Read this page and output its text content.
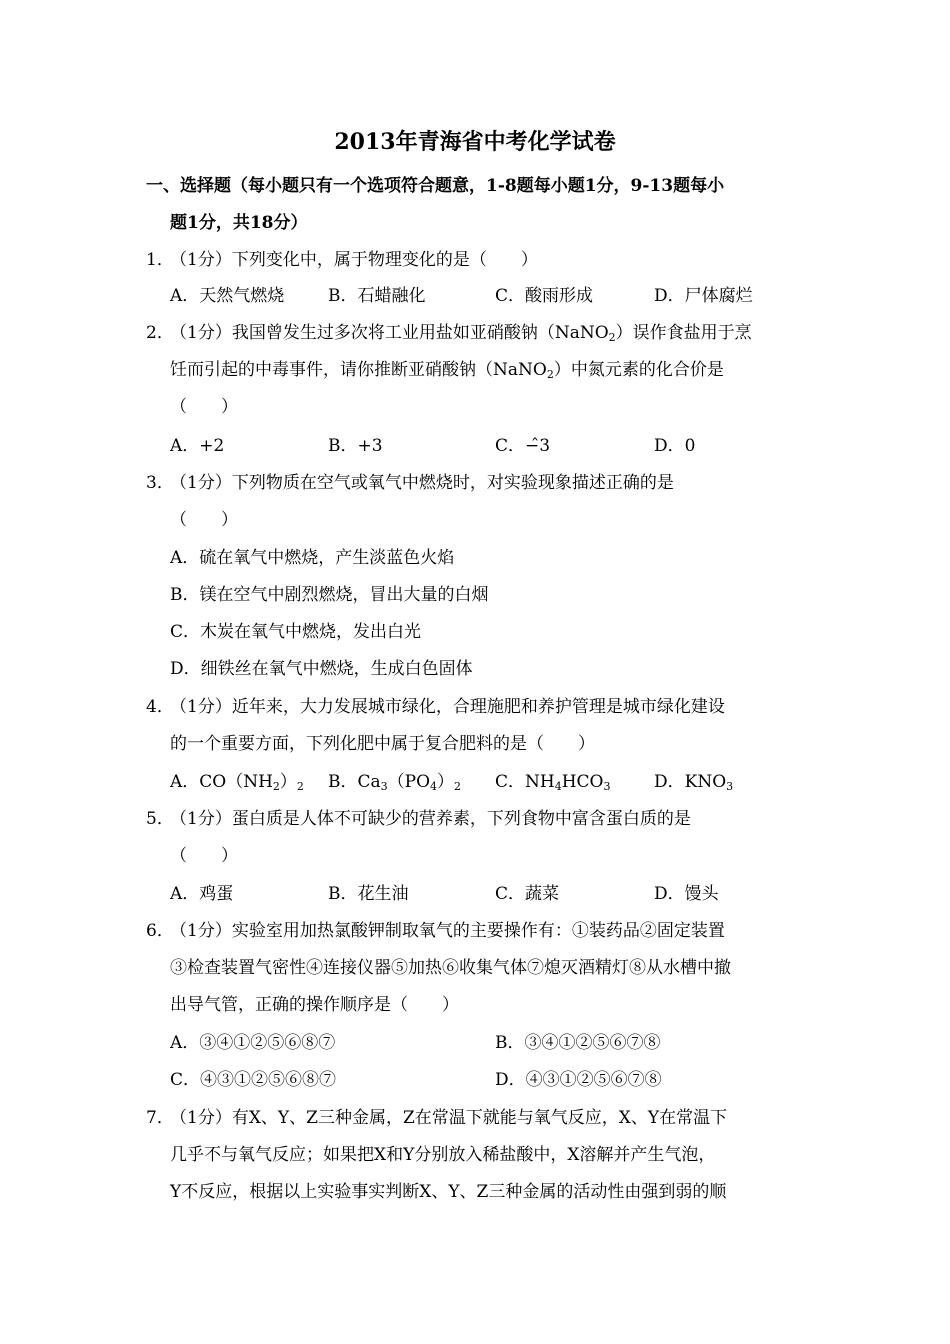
2013年青海省中考化学试卷
一、选择题（每小题只有一个选项符合题意，1-8题每小题1分，9-13题每小
题1分，共18分）
1．（1分）下列变化中，属于物理变化的是（　　）
A．天然气燃烧	B．石蜡融化	C．酸雨形成	D．尸体腐烂
2．（1分）我国曾发生过多次将工业用盐如亚硝酸钠（NaNO$_2$）误作食盐用于烹
饪而引起的中毒事件，请你推断亚硝酸钠（NaNO$_2$）中氮元素的化合价是
（　　）
A．+2	B．+3	C．−̂3	D．0
3．（1分）下列物质在空气或氧气中燃烧时，对实验现象描述正确的是
（　　）
A．硫在氧气中燃烧，产生淡蓝色火焰
B．镁在空气中剧烈燃烧，冒出大量的白烟
C．木炭在氧气中燃烧，发出白光
D．细铁丝在氧气中燃烧，生成白色固体
4．（1分）近年来，大力发展城市绿化，合理施肥和养护管理是城市绿化建设
的一个重要方面，下列化肥中属于复合肥料的是（　　）
A．$CO(NH_2)_2$ B．$Ca_3(PO_4)_2$ C．$NH_4HCO_3$	D．$KNO_3$
5．（1分）蛋白质是人体不可缺少的营养素，下列食物中富含蛋白质的是
（　　）
A．鸡蛋	B．花生油	C．蔬菜	D．馒头
6．（1分）实验室用加热氯酸钾制取氧气的主要操作有：①装药品②固定装置
③检查装置气密性④连接仪器⑤加热⑥收集气体⑦熄灭酒精灯⑧从水槽中撤
出导气管，正确的操作顺序是（　　）
A．③④①②⑤⑥⑧⑦	B．③④①②⑤⑥⑦⑧
C．④③①②⑤⑥⑧⑦	D．④③①②⑤⑥⑦⑧
7．（1分）有X、Y、Z三种金属，Z在常温下就能与氧气反应，X、Y在常温下
几乎不与氧气反应；如果把X和Y分别放入稀盐酸中，X溶解并产生气泡，
Y不反应，根据以上实验事实判断X、Y、Z三种金属的活动性由强到弱的顺
